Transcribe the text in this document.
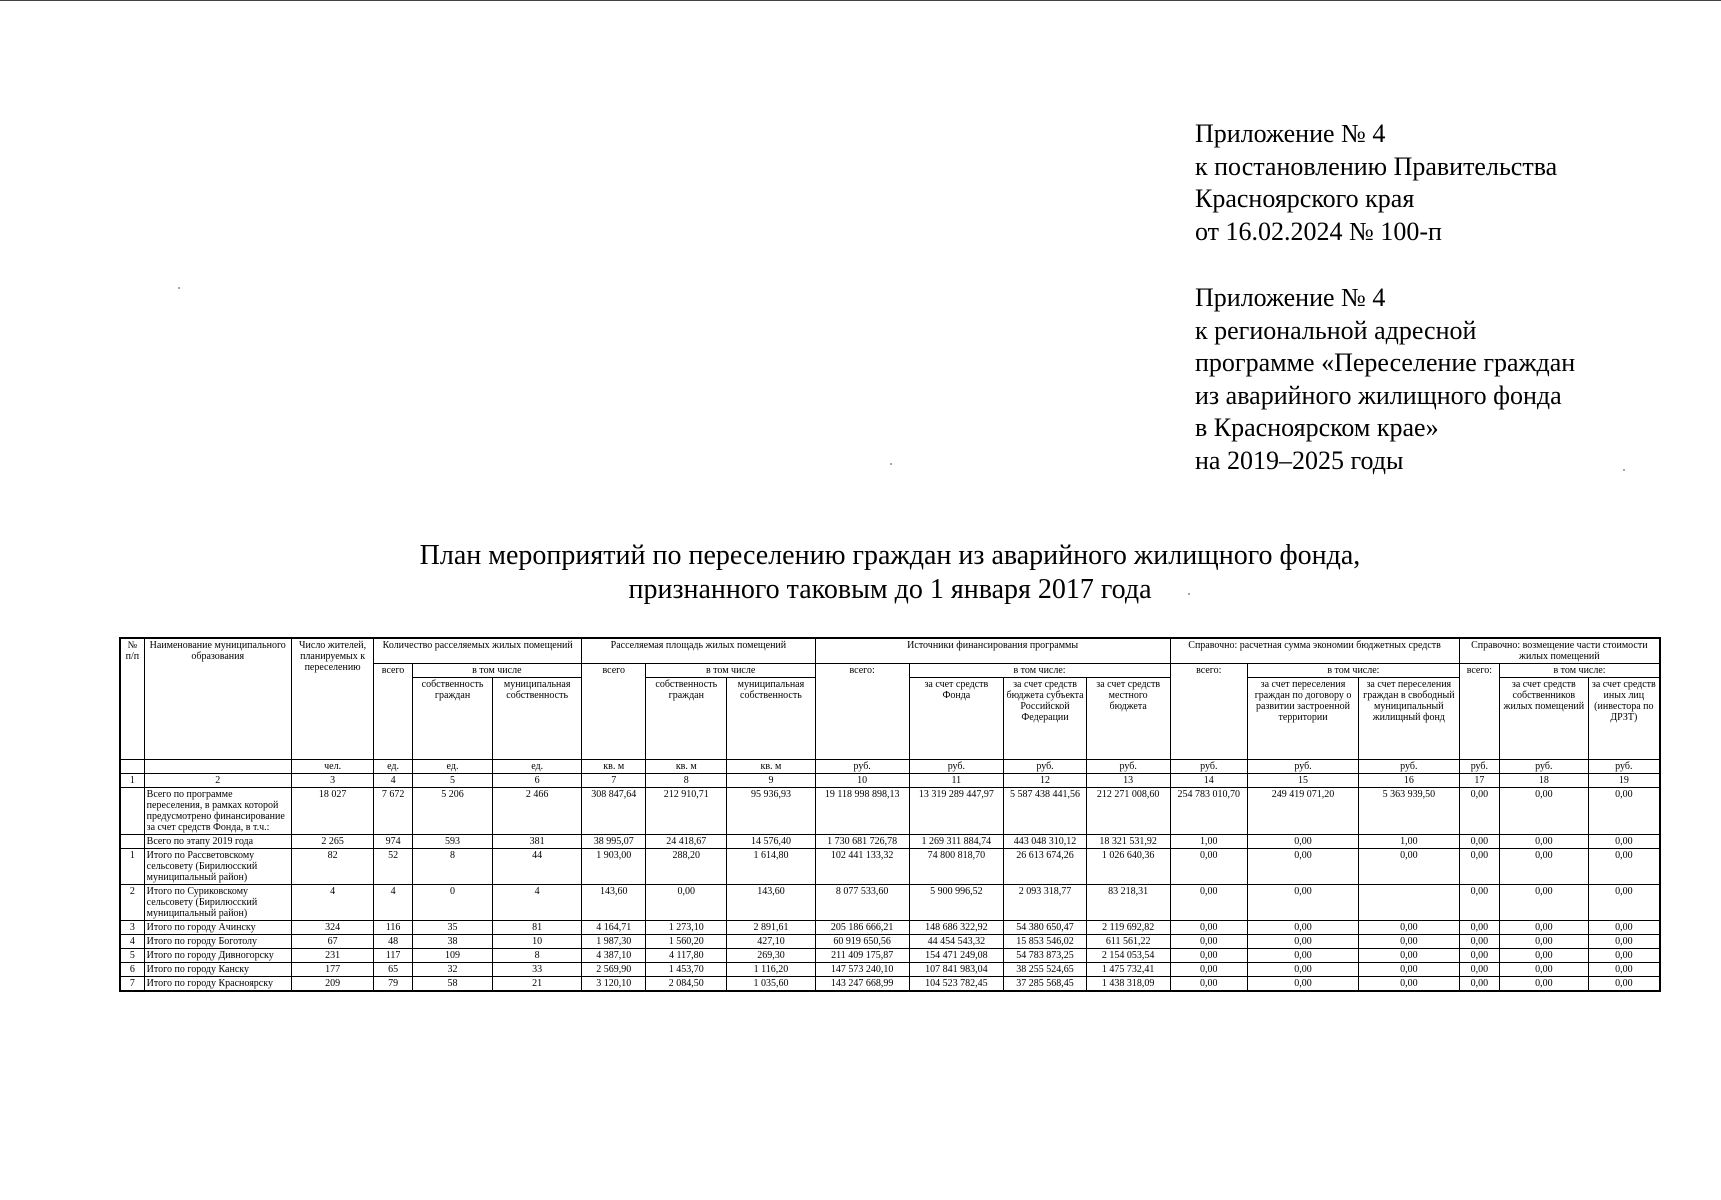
Приложение № 4
к постановлению Правительства
Красноярского края
от 16.02.2024 № 100-п
Приложение № 4
к региональной адресной
программе «Переселение граждан
из аварийного жилищного фонда
в Красноярском крае»
на 2019–2025 годы
План мероприятий по переселению граждан из аварийного жилищного фонда,
признанного таковым до 1 января 2017 года
№ п/п	Наименование муниципального образования	Число жителей, планируемых к переселению	Количество расселяемых жилых помещений			Расселяемая площадь жилых помещений			Источники финансирования программы				Справочно: расчетная сумма экономии бюджетных средств			Справочно: возмещение части стоимости жилых помещений		
			всего	в том числе		всего	в том числе		всего:	в том числе:			всего:	в том числе:		всего:	в том числе:	
				собственность граждан	муниципальная собственность		собственность граждан	муниципальная собственность		за счет средств Фонда	за счет средств бюджета субъекта Российской Федерации	за счет средств местного бюджета		за счет переселения граждан по договору о развитии застроенной территории	за счет переселения граждан в свободный муниципальный жилищный фонд		за счет средств собственников жилых помещений	за счет средств иных лиц (инвестора по ДРЗТ)
		чел.	ед.	ед.	ед.	кв. м	кв. м	кв. м	руб.	руб.	руб.	руб.	руб.	руб.	руб.	руб.	руб.	руб.
1	2	3	4	5	6	7	8	9	10	11	12	13	14	15	16	17	18	19
	Всего по программе переселения, в рамках которой предусмотрено финансирование за счет средств Фонда, в т.ч.:	18 027	7 672	5 206	2 466	308 847,64	212 910,71	95 936,93	19 118 998 898,13	13 319 289 447,97	5 587 438 441,56	212 271 008,60	254 783 010,70	249 419 071,20	5 363 939,50	0,00	0,00	0,00
	Всего по этапу 2019 года	2 265	974	593	381	38 995,07	24 418,67	14 576,40	1 730 681 726,78	1 269 311 884,74	443 048 310,12	18 321 531,92	1,00	0,00	1,00	0,00	0,00	0,00
1	Итого по Рассветовскому сельсовету (Бирилюсский муниципальный район)	82	52	8	44	1 903,00	288,20	1 614,80	102 441 133,32	74 800 818,70	26 613 674,26	1 026 640,36	0,00	0,00	0,00	0,00	0,00	0,00
2	Итого по Суриковскому сельсовету (Бирилюсский муниципальный район)	4	4	0	4	143,60	0,00	143,60	8 077 533,60	5 900 996,52	2 093 318,77	83 218,31	0,00	0,00		0,00	0,00	0,00
3	Итого по городу Ачинску	324	116	35	81	4 164,71	1 273,10	2 891,61	205 186 666,21	148 686 322,92	54 380 650,47	2 119 692,82	0,00	0,00	0,00	0,00	0,00	0,00
4	Итого по городу Боготолу	67	48	38	10	1 987,30	1 560,20	427,10	60 919 650,56	44 454 543,32	15 853 546,02	611 561,22	0,00	0,00	0,00	0,00	0,00	0,00
5	Итого по городу Дивногорску	231	117	109	8	4 387,10	4 117,80	269,30	211 409 175,87	154 471 249,08	54 783 873,25	2 154 053,54	0,00	0,00	0,00	0,00	0,00	0,00
6	Итого по городу Канску	177	65	32	33	2 569,90	1 453,70	1 116,20	147 573 240,10	107 841 983,04	38 255 524,65	1 475 732,41	0,00	0,00	0,00	0,00	0,00	0,00
7	Итого по городу Красноярску	209	79	58	21	3 120,10	2 084,50	1 035,60	143 247 668,99	104 523 782,45	37 285 568,45	1 438 318,09	0,00	0,00	0,00	0,00	0,00	0,00
